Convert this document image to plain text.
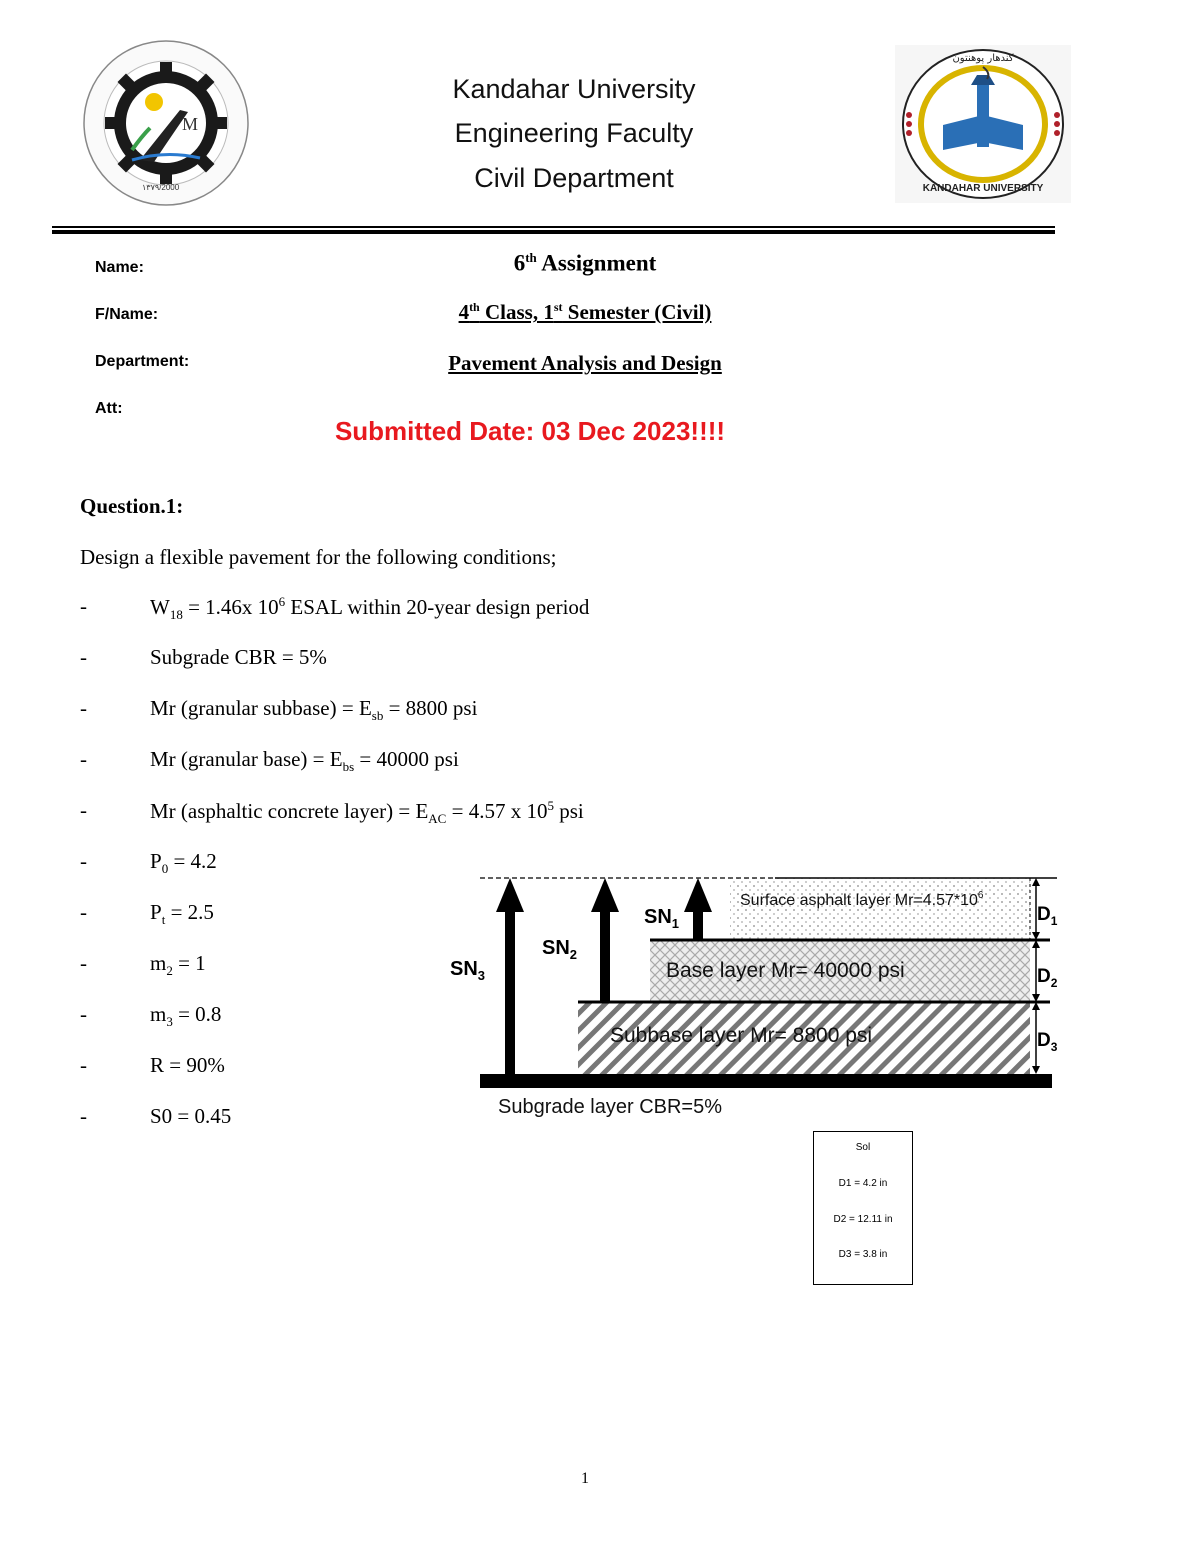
M
۱۳۷۹/2000	KANDAHAR UNIVERSITY
کندهار پوهنتون
Kandahar University
Engineering Faculty
Civil Department
Name:
F/Name:
Department:
Att:
6th Assignment
4th Class, 1st Semester (Civil)
Pavement Analysis and Design
Submitted Date: 03 Dec 2023!!!!
Question.1:
Design a flexible pavement for the following conditions;
-	$W_{18} = 1.46x$ $10^6$ ESAL within 20-year design period
-	Subgrade CBR = 5%
-	Mr (granular subbase) = $E_{sb} = 8800$ psi
-	Mr (granular base) = $E_{bs} = 40000$ psi
-	Mr (asphaltic concrete layer) = $E_{AC} = 4.57$ x $10^5$ psi
-	$P_0 = 4.2$
-	$P_t = 2.5$
-	$m_2 = 1$
-	$m_3 = 0.8$
-	R = 90%
-	S0 = 0.45
Surface asphalt layer $Mr=4.57*10^6$
Base layer Mr= 40000 psi
Subbase layer Mr= 8800 psi
Subgrade layer CBR=5%
$SN_1$
$SN_2$
$SN_3$
$D_1$
$D_2$
$D_3$
Sol
D1 = 4.2 in
D2 = 12.11 in
D3 = 3.8 in
1
